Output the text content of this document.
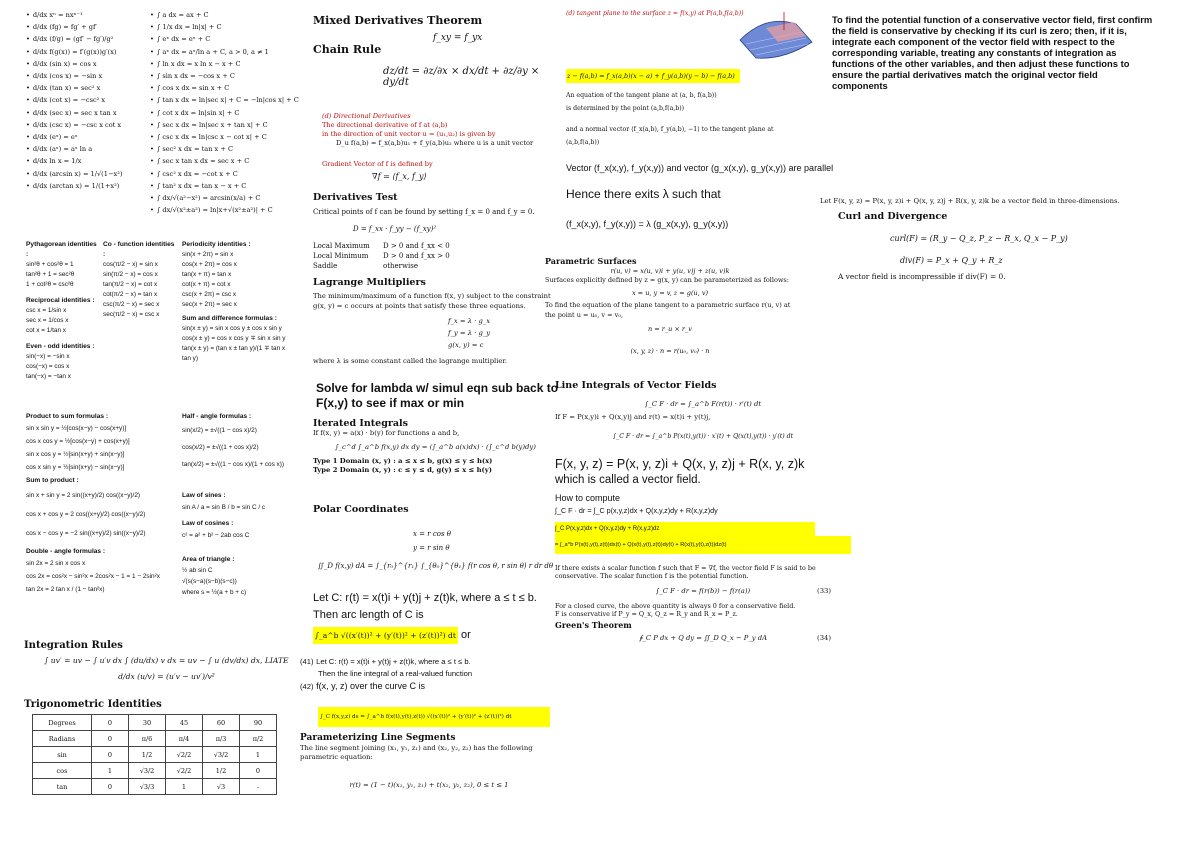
• d/dx xⁿ = nxⁿ⁻¹
• d/dx (fg) = fg′ + gf′
• d/dx (f/g) = (gf′ − fg′)/g²
• d/dx f(g(x)) = f′(g(x))g′(x)
• d/dx (sin x) = cos x
• d/dx (cos x) = −sin x
• d/dx (tan x) = sec² x
• d/dx (cot x) = −csc² x
• d/dx (sec x) = sec x tan x
• d/dx (csc x) = −csc x cot x
• d/dx (eˣ) = eˣ
• d/dx (aˣ) = aˣ ln a
• d/dx ln x = 1/x
• d/dx (arcsin x) = 1/√(1−x²)
• d/dx (arctan x) = 1/(1+x²)
• ∫ a dx = ax + C
• ∫ 1/x dx = ln|x| + C
• ∫ eˣ dx = eˣ + C
• ∫ aˣ dx = aˣ/ln a + C, a > 0, a ≠ 1
• ∫ ln x dx = x ln x − x + C
• ∫ sin x dx = −cos x + C
• ∫ cos x dx = sin x + C
• ∫ tan x dx = ln|sec x| + C = −ln|cos x| + C
• ∫ cot x dx = ln|sin x| + C
• ∫ sec x dx = ln|sec x + tan x| + C
• ∫ csc x dx = ln|csc x − cot x| + C
• ∫ sec² x dx = tan x + C
• ∫ sec x tan x dx = sec x + C
• ∫ csc² x dx = −cot x + C
• ∫ tan² x dx = tan x − x + C
• ∫ dx/√(a²−x²) = arcsin(x/a) + C
• ∫ dx/√(x²±a²) = ln|x+√(x²±a²)| + C
Pythagorean identities :
sin²θ + cos²θ = 1
tan²θ + 1 = sec²θ
1 + cot²θ = csc²θ
Reciprocal identities :
csc x = 1/sin x
sec x = 1/cos x
cot x = 1/tan x
Even - odd identities :
sin(−x) = −sin x
cos(−x) = cos x
tan(−x) = −tan x
Co - function identities :
cos(π/2 − x) = sin x
sin(π/2 − x) = cos x
tan(π/2 − x) = cot x
cot(π/2 − x) = tan x
csc(π/2 − x) = sec x
sec(π/2 − x) = csc x
Periodicity identities :
sin(x + 2π) = sin x
cos(x + 2π) = cos x
tan(x + π) = tan x
cot(x + π) = cot x
csc(x + 2π) = csc x
sec(x + 2π) = sec x
Sum and difference formulas :
sin(x ± y) = sin x cos y ± cos x sin y
cos(x ± y) = cos x cos y ∓ sin x sin y
tan(x ± y) = (tan x ± tan y)/(1 ∓ tan x tan y)
Product to sum formulas :
sin x sin y = ½[cos(x−y) − cos(x+y)]
cos x cos y = ½[cos(x−y) + cos(x+y)]
sin x cos y = ½[sin(x+y) + sin(x−y)]
cos x sin y = ½[sin(x+y) − sin(x−y)]
Sum to product :
sin x + sin y = 2 sin((x+y)/2) cos((x−y)/2)
cos x + cos y = 2 cos((x+y)/2) cos((x−y)/2)
cos x − cos y = −2 sin((x+y)/2) sin((x−y)/2)
Double - angle formulas :
sin 2x = 2 sin x cos x
cos 2x = cos²x − sin²x = 2cos²x − 1 = 1 − 2sin²x
tan 2x = 2 tan x / (1 − tan²x)
Half - angle formulas :
sin(x/2) = ±√((1 − cos x)/2)
cos(x/2) = ±√((1 + cos x)/2)
tan(x/2) = ±√((1 − cos x)/(1 + cos x))
Law of sines :
sin A / a = sin B / b = sin C / c
Law of cosines :
c² = a² + b² − 2ab cos C
Area of triangle :
½ ab sin C
√(s(s−a)(s−b)(s−c))
where s = ½(a + b + c)
Integration Rules
∫ uv′ = uv − ∫ u′v dx ∫ (du/dx) v dx = uv − ∫ u (dv/dx) dx, LIATE
d/dx (u/v) = (u′v − uv′)/v²
Trigonometric Identities
Degrees	0	30	45	60	90
Radians	0	π/6	π/4	π/3	π/2
sin	0	1/2	√2/2	√3/2	1
cos	1	√3/2	√2/2	1/2	0
tan	0	√3/3	1	√3	-
Mixed Derivatives Theorem
f_xy = f_yx
Chain Rule
dz/dt = ∂z/∂x × dx/dt + ∂z/∂y × dy/dt
(d) Directional Derivatives
The directional derivative of f at (a,b)
in the direction of unit vector u = ⟨u₁,u₂⟩ is given by
D_u f(a,b) = f_x(a,b)u₁ + f_y(a,b)u₂ where u is a unit vector
Gradient Vector of f is defined by
∇f = ⟨f_x, f_y⟩
Derivatives Test
Critical points of f can be found by setting f_x = 0 and f_y = 0.
D = f_xx · f_yy − (f_xy)²
Local Maximum D > 0 and f_xx < 0
Local Minimum D > 0 and f_xx > 0
Saddle	otherwise
Lagrange Multipliers
The minimum/maximum of a function f(x, y) subject to the constraint g(x, y) = c occurs at points that satisfy these three equations.
f_x = λ · g_x
f_y = λ · g_y
g(x, y) = c
where λ is some constant called the lagrange multiplier.
Solve for lambda w/ simul eqn sub back to F(x,y) to see if max or min
Iterated Integrals
If f(x, y) = a(x) · b(y) for functions a and b,
∫_c^d ∫_a^b f(x,y) dx dy = (∫_a^b a(x)dx) · (∫_c^d b(y)dy)
Type 1 Domain (x, y) : a ≤ x ≤ b, g(x) ≤ y ≤ h(x)
Type 2 Domain (x, y) : c ≤ y ≤ d, g(y) ≤ x ≤ h(y)
Polar Coordinates
x = r cos θ
y = r sin θ
∬_D f(x,y) dA = ∫_{r₀}^{r₁} ∫_{θ₀}^{θ₁} f(r cos θ, r sin θ) r dr dθ
Let C: r(t) = x(t)i + y(t)j + z(t)k, where a ≤ t ≤ b.
Then arc length of C is
∫_a^b √((x′(t))² + (y′(t))² + (z′(t))²) dt or
(41) Let C: r(t) = x(t)i + y(t)j + z(t)k, where a ≤ t ≤ b.
Then the line integral of a real-valued function
(42) f(x, y, z) over the curve C is
∫_C f(x,y,z) ds = ∫_a^b f(x(t),y(t),z(t)) √((x′(t))² + (y′(t))² + (z′(t))²) dt
Parameterizing Line Segments
The line segment joining (x₁, y₁, z₁) and (x₂, y₂, z₂) has the following parametric equation:
r(t) = (1 − t)(x₁, y₁, z₁) + t(x₂, y₂, z₂), 0 ≤ t ≤ 1
(d) tangent plane to the surface z = f(x,y) at P(a,b,f(a,b))
z − f(a,b) = f_x(a,b)(x − a) + f_y(a,b)(y − b) − f(a,b)
An equation of the tangent plane at (a, b, f(a,b))
is determined by the point (a,b,f(a,b))
and a normal vector ⟨f_x(a,b), f_y(a,b), −1⟩ to the tangent plane at (a,b,f(a,b))
Vector (f_x(x,y), f_y(x,y)) and vector (g_x(x,y), g_y(x,y)) are parallel
Hence there exits λ such that
(f_x(x,y), f_y(x,y)) = λ (g_x(x,y), g_y(x,y))
Parametric Surfaces
r(u, v) = x(u, v)i + y(u, v)j + z(u, v)k
Surfaces explicitly defined by z = g(x, y) can be parameterized as follows:
x = u, y = v, z = g(u, v)
To find the equation of the plane tangent to a parametric surface r(u, v) at the point u = u₀, v = v₀,
n = r_u × r_v
(x, y, z) · n = r(u₀, v₀) · n
Line Integrals of Vector Fields
∫_C F · dr = ∫_a^b F(r(t)) · r′(t) dt
If F = P(x,y)i + Q(x,y)j and r(t) = x(t)i + y(t)j,
∫_C F · dr = ∫_a^b P(x(t),y(t)) · x′(t) + Q(x(t),y(t)) · y′(t) dt
F(x, y, z) = P(x, y, z)i + Q(x, y, z)j + R(x, y, z)k
which is called a vector field.
How to compute
∫_C F · dr = ∫_C p(x,y,z)dx + Q(x,y,z)dy + R(x,y,z)dy
∫_C P(x,y,z)dx + Q(x,y,z)dy + R(x,y,z)dz
= ∫_a^b P(x(t),y(t),z(t))dx(t) + Q(x(t),y(t),z(t))dy(t) + R(x(t),y(t),z(t))dz(t)
If there exists a scalar function f such that F = ∇f, the vector field F is said to be conservative. The scalar function f is the potential function.
∫_C F · dr = f(r(b)) − f(r(a))	(33)
For a closed curve, the above quantity is always 0 for a conservative field.
F is conservative if P_y = Q_x, Q_z = R_y and R_x = P_z.
Green's Theorem
∮_C P dx + Q dy = ∬_D Q_x − P_y dA	(34)
To find the potential function of a conservative vector field, first confirm the field is conservative by checking if its curl is zero; then, if it is, integrate each component of the vector field with respect to the corresponding variable, treating any constants of integration as functions of the other variables, and then adjust these functions to ensure the partial derivatives match the original vector field components
Let F(x, y, z) = P(x, y, z)i + Q(x, y, z)j + R(x, y, z)k be a vector field in three-dimensions.
Curl and Divergence
curl(F) = (R_y − Q_z, P_z − R_x, Q_x − P_y)
div(F) = P_x + Q_y + R_z
A vector field is incompressible if div(F) = 0.
